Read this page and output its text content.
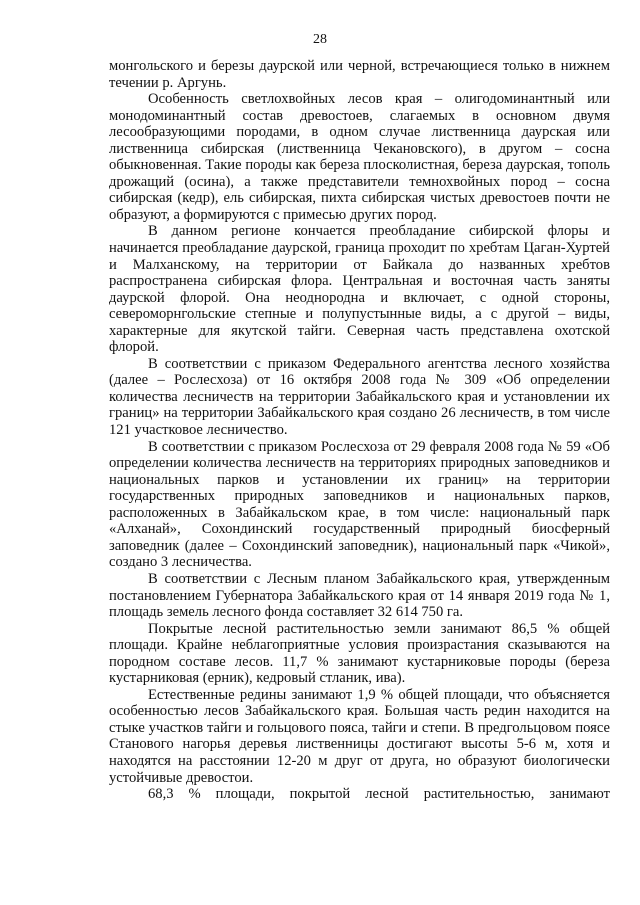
28

монгольского и березы даурской или черной, встречающиеся только в нижнем течении р. Аргунь.

Особенность светлохвойных лесов края – олигодоминантный или монодоминантный состав древостоев, слагаемых в основном двумя лесообразующими породами, в одном случае лиственница даурская или лиственница сибирская (лиственница Чекановского), в другом – сосна обыкновенная. Такие породы как береза плосколистная, береза даурская, тополь дрожащий (осина), а также представители темнохвойных пород – сосна сибирская (кедр), ель сибирская, пихта сибирская чистых древостоев почти не образуют, а формируются с примесью других пород.

В данном регионе кончается преобладание сибирской флоры и начинается преобладание даурской, граница проходит по хребтам Цаган-Хуртей и Малханскому, на территории от Байкала до названных хребтов распространена сибирская флора. Центральная и восточная часть заняты даурской флорой. Она неоднородна и включает, с одной стороны, североморнгольские степные и полупустынные виды, а с другой – виды, характерные для якутской тайги. Северная часть представлена охотской флорой.

В соответствии с приказом Федерального агентства лесного хозяйства (далее – Рослесхоза) от 16 октября 2008 года № 309 «Об определении количества лесничеств на территории Забайкальского края и установлении их границ» на территории Забайкальского края создано 26 лесничеств, в том числе 121 участковое лесничество.

В соответствии с приказом Рослесхоза от 29 февраля 2008 года № 59 «Об определении количества лесничеств на территориях природных заповедников и национальных парков и установлении их границ» на территории государственных природных заповедников и национальных парков, расположенных в Забайкальском крае, в том числе: национальный парк «Алханай», Сохондинский государственный природный биосферный заповедник (далее – Сохондинский заповедник), национальный парк «Чикой», создано 3 лесничества.

В соответствии с Лесным планом Забайкальского края, утвержденным постановлением Губернатора Забайкальского края от 14 января 2019 года № 1, площадь земель лесного фонда составляет 32 614 750 га.

Покрытые лесной растительностью земли занимают 86,5 % общей площади. Крайне неблагоприятные условия произрастания сказываются на породном составе лесов. 11,7 % занимают кустарниковые породы (береза кустарниковая (ерник), кедровый стланик, ива).

Естественные редины занимают 1,9 % общей площади, что объясняется особенностью лесов Забайкальского края. Большая часть редин находится на стыке участков тайги и гольцового пояса, тайги и степи. В предгольцовом поясе Станового нагорья деревья лиственницы достигают высоты 5-6 м, хотя и находятся на расстоянии 12-20 м друг от друга, но образуют биологически устойчивые древостои.

68,3 % площади, покрытой лесной растительностью, занимают
